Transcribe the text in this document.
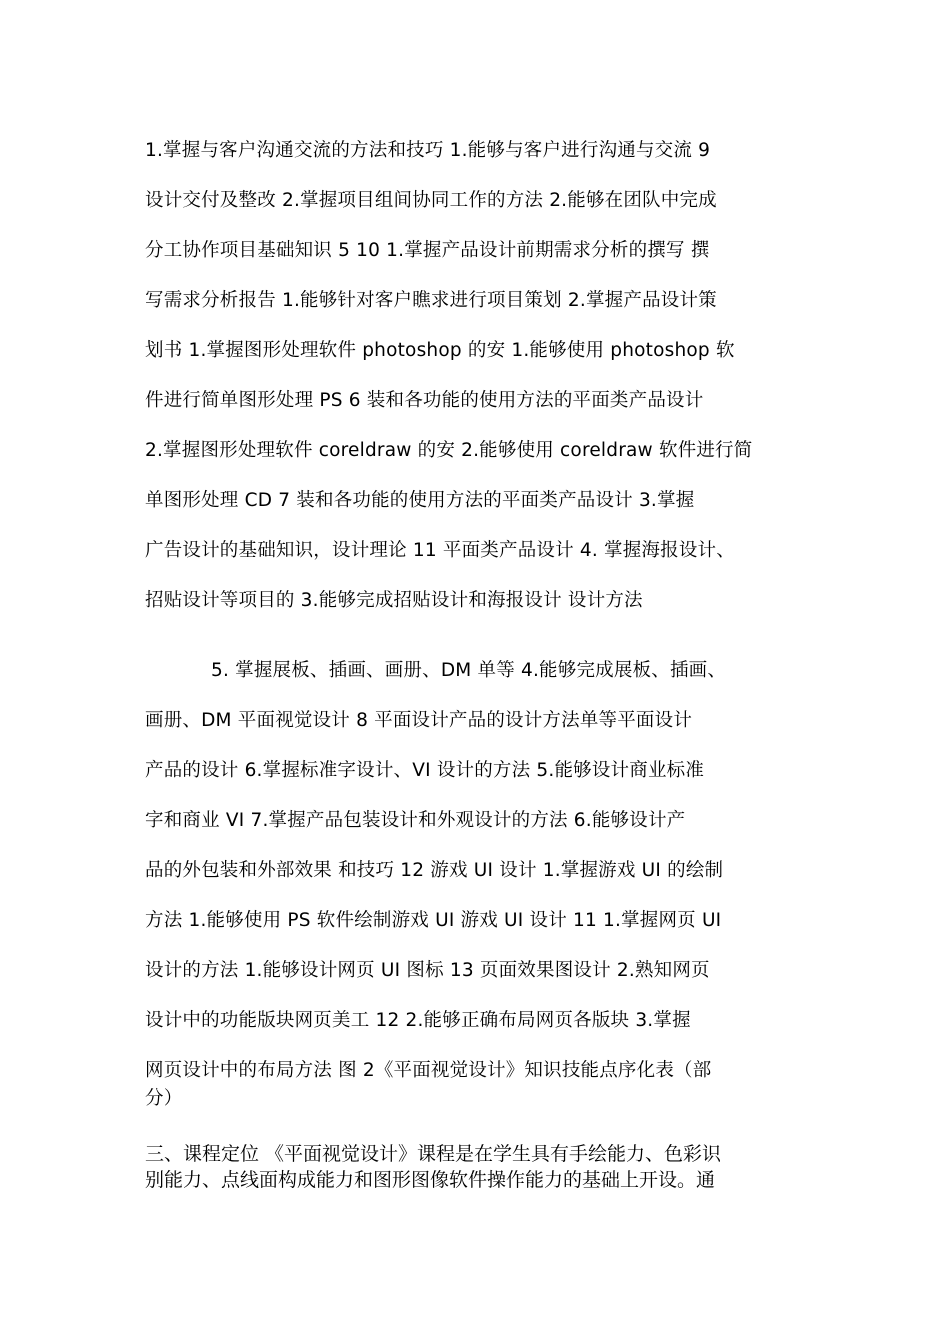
1.掌握与客户沟通交流的方法和技巧 1.能够与客户进行沟通与交流 9
设计交付及整改 2.掌握项目组间协同工作的方法 2.能够在团队中完成
分工协作项目基础知识 5 10 1.掌握产品设计前期需求分析的撰写 撰
写需求分析报告 1.能够针对客户瞧求进行项目策划 2.掌握产品设计策
划书 1.掌握图形处理软件 photoshop 的安 1.能够使用 photoshop 软
件进行简单图形处理 PS 6 装和各功能的使用方法的平面类产品设计
2.掌握图形处理软件 coreldraw 的安 2.能够使用 coreldraw 软件进行简
单图形处理 CD 7 装和各功能的使用方法的平面类产品设计 3.掌握
广告设计的基础知识，设计理论 11 平面类产品设计 4. 掌握海报设计、
招贴设计等项目的 3.能够完成招贴设计和海报设计 设计方法
5. 掌握展板、插画、画册、DM 单等 4.能够完成展板、插画、
画册、DM 平面视觉设计 8 平面设计产品的设计方法单等平面设计
产品的设计 6.掌握标准字设计、VI 设计的方法 5.能够设计商业标准
字和商业 VI 7.掌握产品包装设计和外观设计的方法 6.能够设计产
品的外包装和外部效果 和技巧 12 游戏 UI 设计 1.掌握游戏 UI 的绘制
方法 1.能够使用 PS 软件绘制游戏 UI 游戏 UI 设计 11 1.掌握网页 UI
设计的方法 1.能够设计网页 UI 图标 13 页面效果图设计 2.熟知网页
设计中的功能版块网页美工 12 2.能够正确布局网页各版块 3.掌握
网页设计中的布局方法 图 2《平面视觉设计》知识技能点序化表（部
分）
三、课程定位 《平面视觉设计》课程是在学生具有手绘能力、色彩识
别能力、点线面构成能力和图形图像软件操作能力的基础上开设。通
